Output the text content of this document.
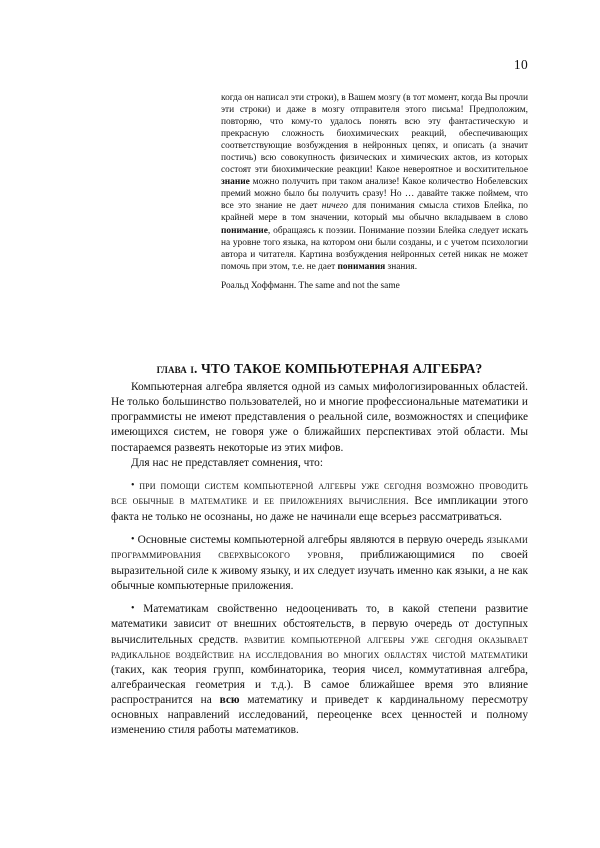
10

когда он написал эти строки), в Вашем мозгу (в тот момент, когда Вы прочли эти строки) и даже в мозгу отправителя этого письма! Предположим, повторяю, что кому-то удалось понять всю эту фантастическую и прекрасную сложность биохимических реакций, обеспечивающих соответствующие возбуждения в нейронных цепях, и описать (а значит постичь) всю совокупность физических и химических актов, из которых состоят эти биохимические реакции! Какое невероятное и восхитительное знание можно получить при таком анализе! Какое количество Нобелевских премий можно было бы получить сразу! Но … давайте также поймем, что все это знание не дает ничего для понимания смысла стихов Блейка, по крайней мере в том значении, который мы обычно вкладываем в слово понимание, обращаясь к поэзии. Понимание поэзии Блейка следует искать на уровне того языка, на котором они были созданы, и с учетом психологии автора и читателя. Картина возбуждения нейронных сетей никак не может помочь при этом, т.е. не дает понимания знания.

Роальд Хоффманн. The same and not the same

глава i. ЧТО ТАКОЕ КОМПЬЮТЕРНАЯ АЛГЕБРА?

Компьютерная алгебра является одной из самых мифологизированных областей. Не только большинство пользователей, но и многие профессиональные математики и программисты не имеют представления о реальной силе, возможностях и специфике имеющихся систем, не говоря уже о ближайших перспективах этой области. Мы постараемся развеять некоторые из этих мифов.

Для нас не представляет сомнения, что:

• при помощи систем компьютерной алгебры уже сегодня возможно проводить все обычные в математике и ее приложениях вычисления. Все импликации этого факта не только не осознаны, но даже не начинали еще всерьез рассматриваться.

• Основные системы компьютерной алгебры являются в первую очередь языками программирования сверхвысокого уровня, приближающимися по своей выразительной силе к живому языку, и их следует изучать именно как языки, а не как обычные компьютерные приложения.

• Математикам свойственно недооценивать то, в какой степени развитие математики зависит от внешних обстоятельств, в первую очередь от доступных вычислительных средств. развитие компьютерной алгебры уже сегодня оказывает радикальное воздействие на исследования во многих областях чистой математики (таких, как теория групп, комбинаторика, теория чисел, коммутативная алгебра, алгебраическая геометрия и т.д.). В самое ближайшее время это влияние распространится на всю математику и приведет к кардинальному пересмотру основных направлений исследований, переоценке всех ценностей и полному изменению стиля работы математиков.
